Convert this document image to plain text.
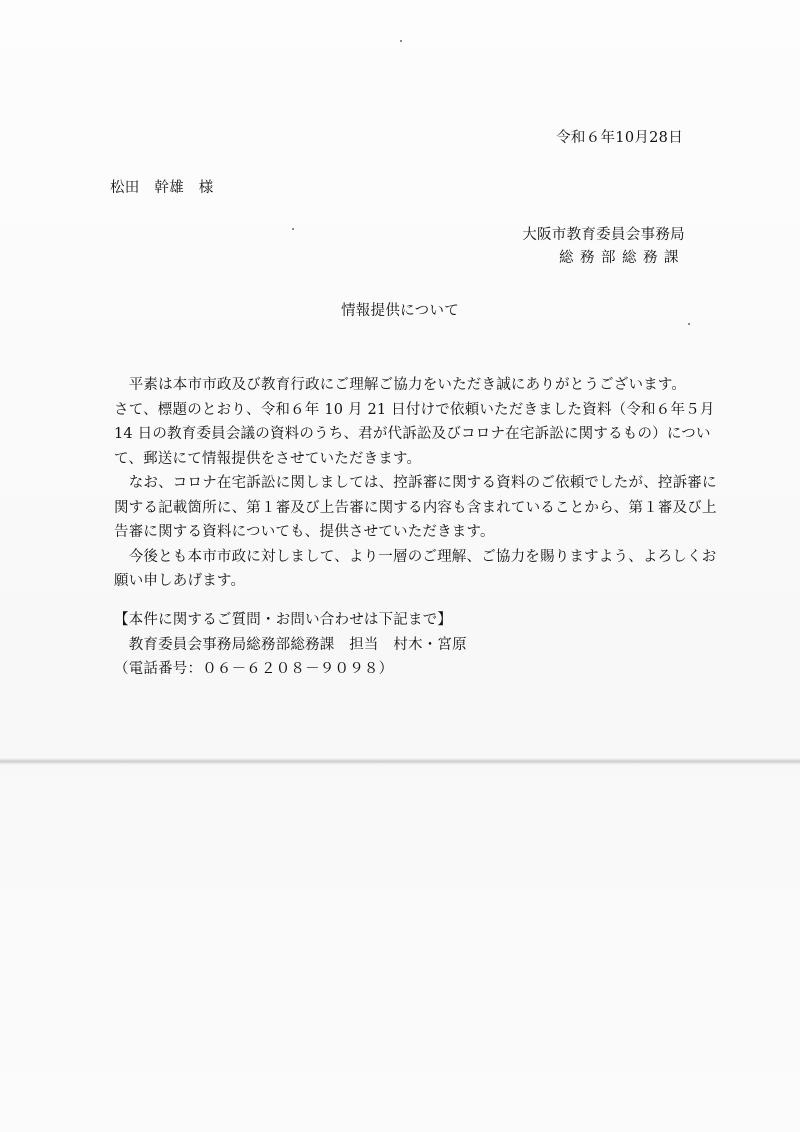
令和６年10月28日
松田　幹雄　様
大阪市教育委員会事務局
総務部総務課
情報提供について
　平素は本市市政及び教育行政にご理解ご協力をいただき誠にありがとうございます。
さて、標題のとおり、令和６年 10 月 21 日付けで依頼いただきました資料（令和６年５月
14 日の教育委員会議の資料のうち、君が代訴訟及びコロナ在宅訴訟に関するもの）につい
て、郵送にて情報提供をさせていただきます。
　なお、コロナ在宅訴訟に関しましては、控訴審に関する資料のご依頼でしたが、控訴審に
関する記載箇所に、第１審及び上告審に関する内容も含まれていることから、第１審及び上
告審に関する資料についても、提供させていただきます。
　今後とも本市市政に対しまして、より一層のご理解、ご協力を賜りますよう、よろしくお
願い申しあげます。
【本件に関するご質問・お問い合わせは下記まで】
　教育委員会事務局総務部総務課　担当　村木・宮原
（電話番号：０６－６２０８－９０９８）
